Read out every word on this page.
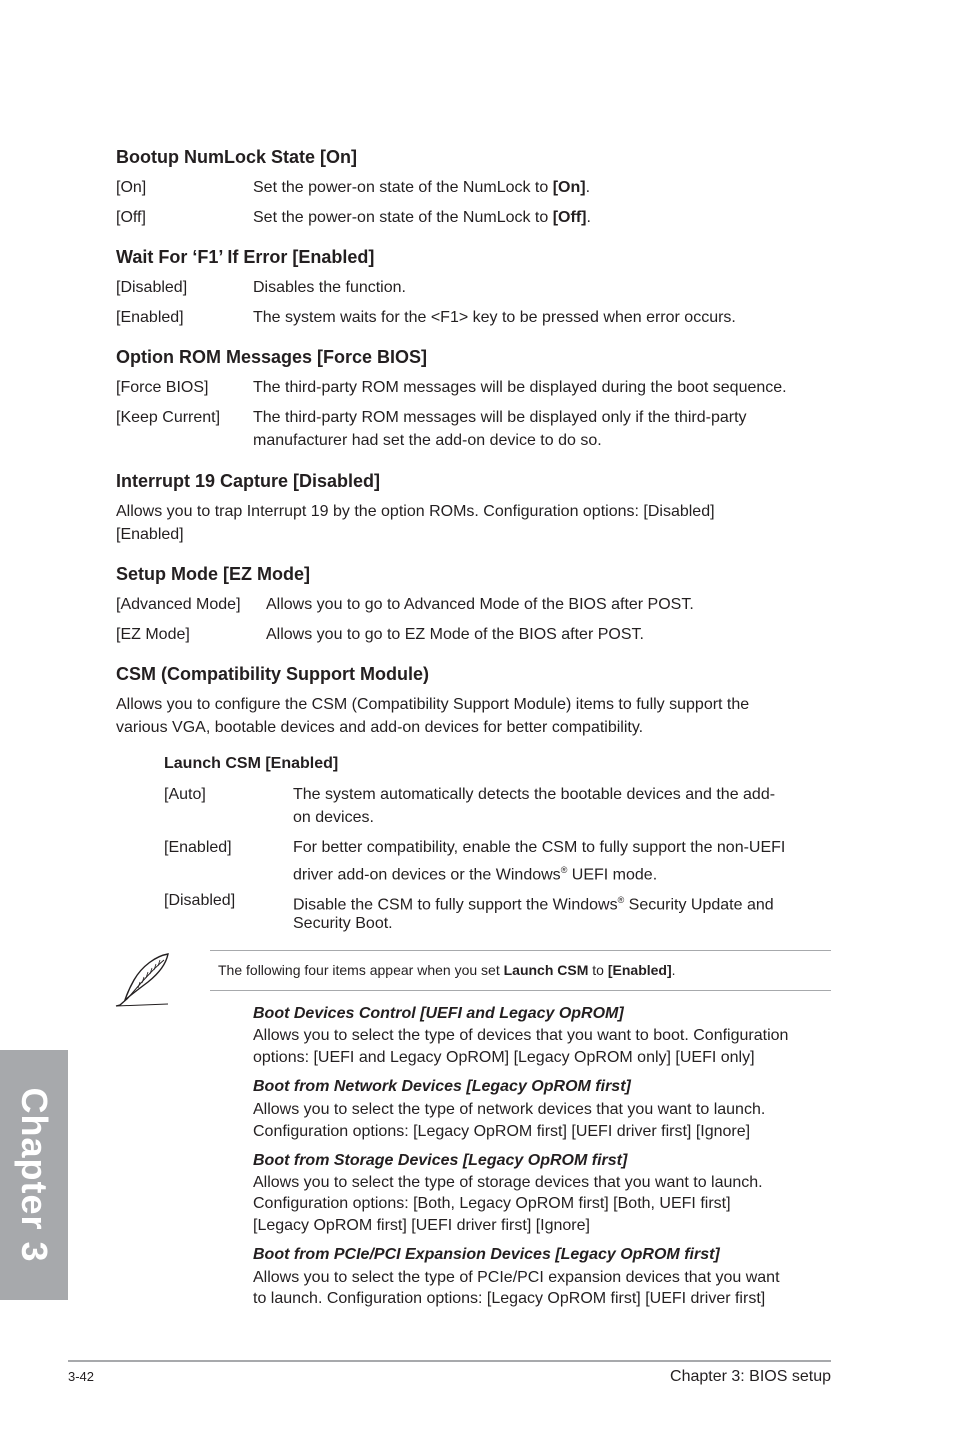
Bootup NumLock State [On]
[On]	Set the power-on state of the NumLock to [On].
[Off]	Set the power-on state of the NumLock to [Off].
Wait For ‘F1’ If Error [Enabled]
[Disabled]	Disables the function.
[Enabled]	The system waits for the <F1> key to be pressed when error occurs.
Option ROM Messages [Force BIOS]
[Force BIOS]	The third-party ROM messages will be displayed during the boot sequence.
[Keep Current] The third-party ROM messages will be displayed only if the third-party
manufacturer had set the add-on device to do so.
Interrupt 19 Capture [Disabled]
Allows you to trap Interrupt 19 by the option ROMs. Configuration options: [Disabled]
[Enabled]
Setup Mode [EZ Mode]
[Advanced Mode] Allows you to go to Advanced Mode of the BIOS after POST.
[EZ Mode]	Allows you to go to EZ Mode of the BIOS after POST.
CSM (Compatibility Support Module)
Allows you to configure the CSM (Compatibility Support Module) items to fully support the
various VGA, bootable devices and add-on devices for better compatibility.
Launch CSM [Enabled]
[Auto]	The system automatically detects the bootable devices and the add-
on devices.
[Enabled]	For better compatibility, enable the CSM to fully support the non-UEFI
driver add-on devices or the Windows® UEFI mode.
[Disabled]	Disable the CSM to fully support the Windows® Security Update and
Security Boot.
The following four items appear when you set Launch CSM to [Enabled].
Boot Devices Control [UEFI and Legacy OpROM]
Allows you to select the type of devices that you want to boot. Configuration
options: [UEFI and Legacy OpROM] [Legacy OpROM only] [UEFI only]
Boot from Network Devices [Legacy OpROM first]
Allows you to select the type of network devices that you want to launch.
Configuration options: [Legacy OpROM first] [UEFI driver first] [Ignore]
Boot from Storage Devices [Legacy OpROM first]
Allows you to select the type of storage devices that you want to launch.
Configuration options: [Both, Legacy OpROM first] [Both, UEFI first]
[Legacy OpROM first] [UEFI driver first] [Ignore]
Boot from PCIe/PCI Expansion Devices [Legacy OpROM first]
Allows you to select the type of PCIe/PCI expansion devices that you want
to launch. Configuration options: [Legacy OpROM first] [UEFI driver first]
Chapter 3
3-42	Chapter 3: BIOS setup
